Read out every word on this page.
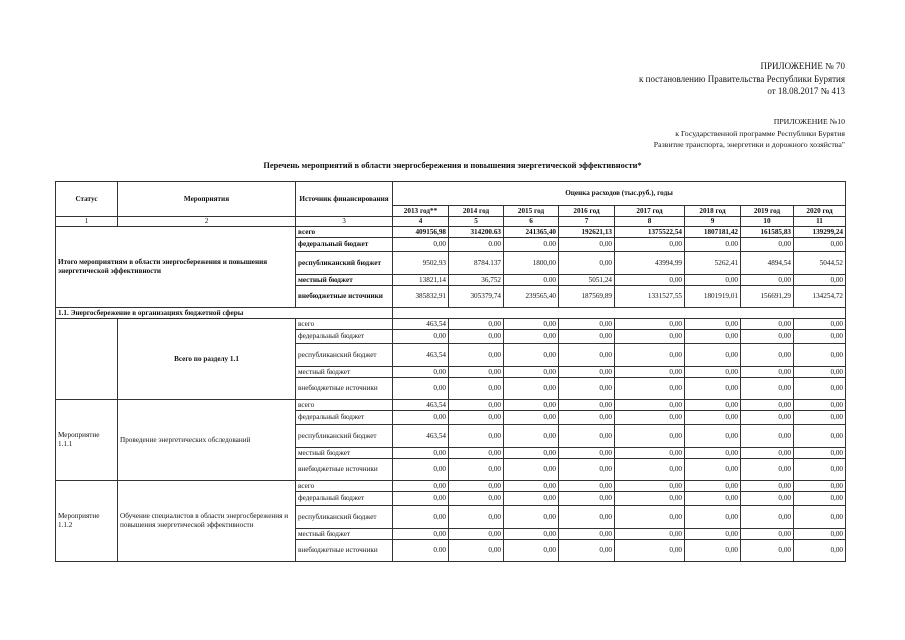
ПРИЛОЖЕНИЕ № 70
к постановлению Правительства Республики Бурятия
от 18.08.2017 № 413
ПРИЛОЖЕНИЕ №10
к Государственной программе Республики Бурятия
Развитие транспорта, энергетики и дорожного хозяйства"
Перечень мероприятий в области энергосбережения и повышения энергетической эффективности*
Статус	Мероприятия	Источник финансирования	Оценка расходов (тыс.руб.), годы							
			2013 год**	2014 год	2015 год	2016 год	2017 год	2018 год	2019 год	2020 год
1	2	3	4	5	6	7	8	9	10	11
Итого мероприятиям в области энергосбережения и повышения энергетической эффективности		всего	409156,98	314200.63	241365,40	192621,13	1375522,54	1807181,42	161585,83	139299,24
		федеральный бюджет	0,00	0.00	0.00	0,00	0,00	0.00	0,00	0,00
		республиканский бюджет	9502,93	8784.137	1800,00	0,00	43994,99	5262,41	4894,54	5044,52
		местный бюджет	13821,14	36,752	0.00	5051,24	0,00	0,00	0,00	0,00
		внебюджетные источники	385832,91	305379,74	239565,40	187569,89	1331527,55	1801919,01	156691,29	134254,72
1.1. Энергосбережение в организациях бюджетной сферы										
	Всего по разделу 1.1	всего	463,54	0,00	0,00	0,00	0,00	0,00	0,00	0,00
		федеральный бюджет	0,00	0,00	0,00	0,00	0,00	0,00	0,00	0,00
		республиканский бюджет	463,54	0,00	0,00	0,00	0,00	0,00	0,00	0,00
		местный бюджет	0,00	0,00	0,00	0,00	0,00	0,00	0,00	0,00
		внебюджетные источники	0,00	0,00	0,00	0,00	0,00	0,00	0,00	0,00
Мероприятие 1.1.1	Проведение энергетических обследований	всего	463,54	0,00	0,00	0,00	0,00	0,00	0,00	0,00
		федеральный бюджет	0,00	0,00	0,00	0,00	0,00	0,00	0,00	0,00
		республиканский бюджет	463,54	0,00	0,00	0,00	0,00	0,00	0,00	0,00
		местный бюджет	0,00	0,00	0,00	0,00	0,00	0,00	0,00	0,00
		внебюджетные источники	0,00	0,00	0,00	0,00	0,00	0,00	0,00	0,00
Мероприятие 1.1.2	Обучение специалистов в области энергосбережения и повышения энергетической эффективности	всего	0,00	0,00	0,00	0,00	0,00	0,00	0,00	0,00
		федеральный бюджет	0,00	0,00	0,00	0,00	0,00	0,00	0,00	0,00
		республиканский бюджет	0,00	0,00	0,00	0,00	0,00	0,00	0,00	0,00
		местный бюджет	0,00	0,00	0,00	0,00	0,00	0,00	0,00	0,00
		внебюджетные источники	0.00	0,00	0,00	0,00	0,00	0,00	0,00	0,00
